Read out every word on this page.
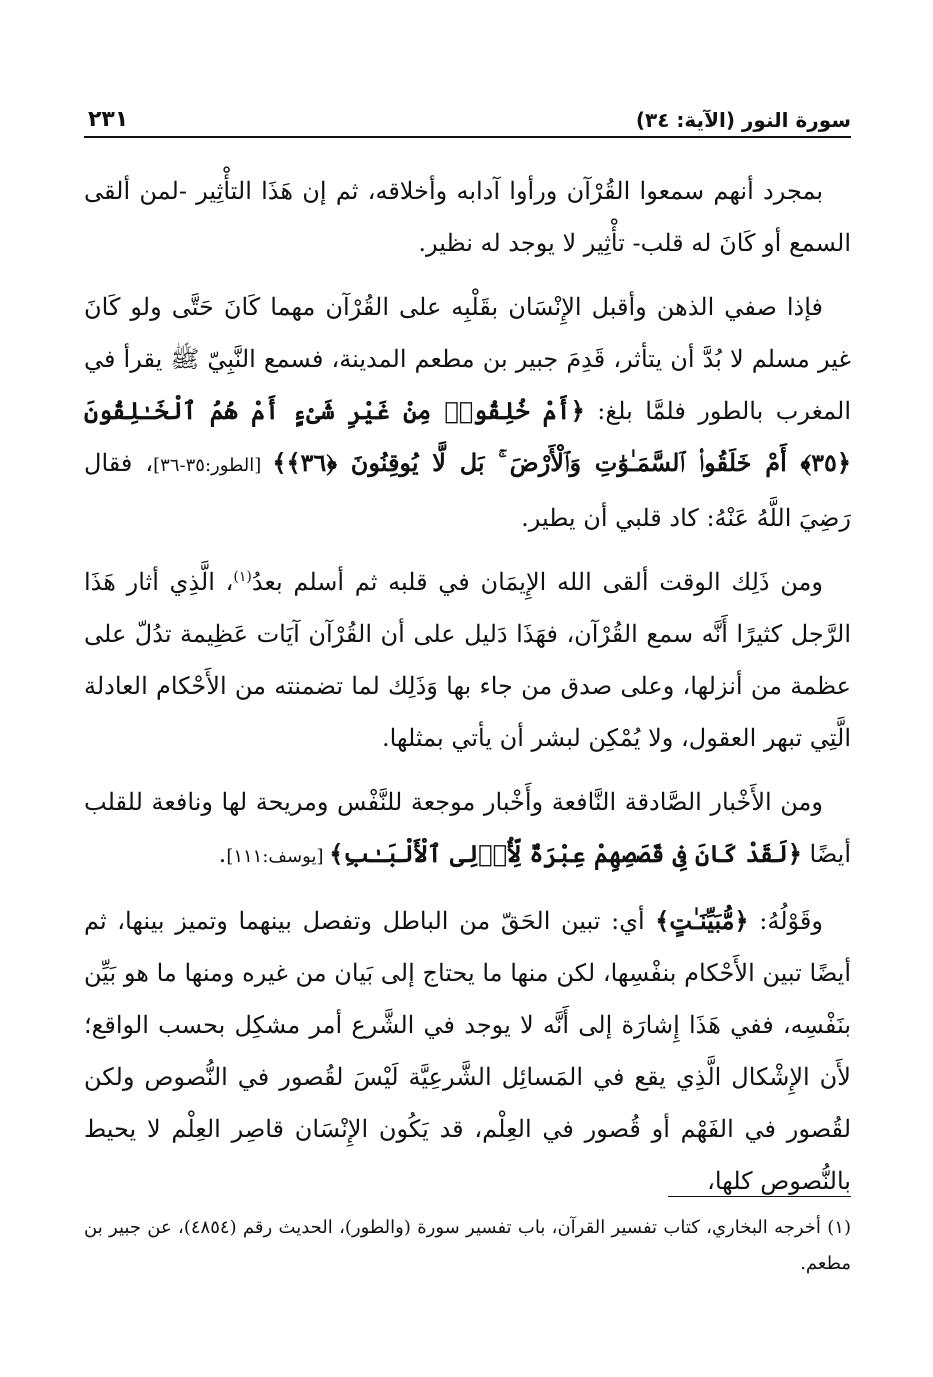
سورة النور (الآية: ٣٤)
٢٣١

بمجرد أنهم سمعوا القُرْآن ورأوا آدابه وأخلاقه، ثم إن هَذَا التأْثِير -لمن ألقى السمع أو كَانَ له قلب- تأْثِير لا يوجد له نظير.

فإذا صفي الذهن وأقبل الإِنْسَان بقَلْبِه على القُرْآن مهما كَانَ حَتَّى ولو كَانَ غير مسلم لا بُدَّ أن يتأثر، قَدِمَ جبير بن مطعم المدينة، فسمع النَّبِيّ ﷺ يقرأ في المغرب بالطور فلمَّا بلغ: ﴿أَمْ خُلِقُوا۟ مِنْ غَيْرِ شَىْءٍ أَمْ هُمُ ٱلْخَـٰلِقُونَ ﴿٣٥﴾ أَمْ خَلَقُوا۟ ٱلسَّمَـٰوَٰتِ وَٱلْأَرْضَ ۚ بَل لَّا يُوقِنُونَ ﴿٣٦﴾﴾ [الطور:٣٥-٣٦]، فقال رَضِيَ اللَّهُ عَنْهُ: كاد قلبي أن يطير.

ومن ذَلِك الوقت ألقى الله الإِيمَان في قلبه ثم أسلم بعدُ$^{(١)}$، الَّذِي أثار هَذَا الرَّجل كثيرًا أَنَّه سمع القُرْآن، فهَذَا دَليل على أن القُرْآن آيَات عَظِيمة تدُلّ على عظمة من أنزلها، وعلى صدق من جاء بها وَذَلِك لما تضمنته من الأَحْكام العادلة الَّتِي تبهر العقول، ولا يُمْكِن لبشر أن يأتي بمثلها.

ومن الأَخْبار الصَّادقة النَّافعة وأَخْبار موجعة للنَّفْس ومريحة لها ونافعة للقلب أيضًا ﴿لَقَدْ كَانَ فِى قَصَصِهِمْ عِبْرَةٌ لِّأُو۟لِى ٱلْأَلْبَـٰبِ﴾ [يوسف:١١١].

وقَوْلُهُ: ﴿مُّبَيِّنَـٰتٍ﴾ أي: تبين الحَقّ من الباطل وتفصل بينهما وتميز بينها، ثم أيضًا تبين الأَحْكام بنفْسِها، لكن منها ما يحتاج إلى بَيان من غيره ومنها ما هو بَيِّن بنَفْسِه، ففي هَذَا إِشارَة إلى أَنَّه لا يوجد في الشَّرع أمر مشكِل بحسب الواقع؛ لأَن الإِشْكال الَّذِي يقع في المَسائِل الشَّرعِيَّة لَيْسَ لقُصور في النُّصوص ولكن لقُصور في الفَهْم أو قُصور في العِلْم، قد يَكُون الإِنْسَان قاصِر العِلْم لا يحيط بالنُّصوص كلها،

(١) أخرجه البخاري، كتاب تفسير القرآن، باب تفسير سورة (والطور)، الحديث رقم (٤٨٥٤)، عن جبير بن مطعم.
